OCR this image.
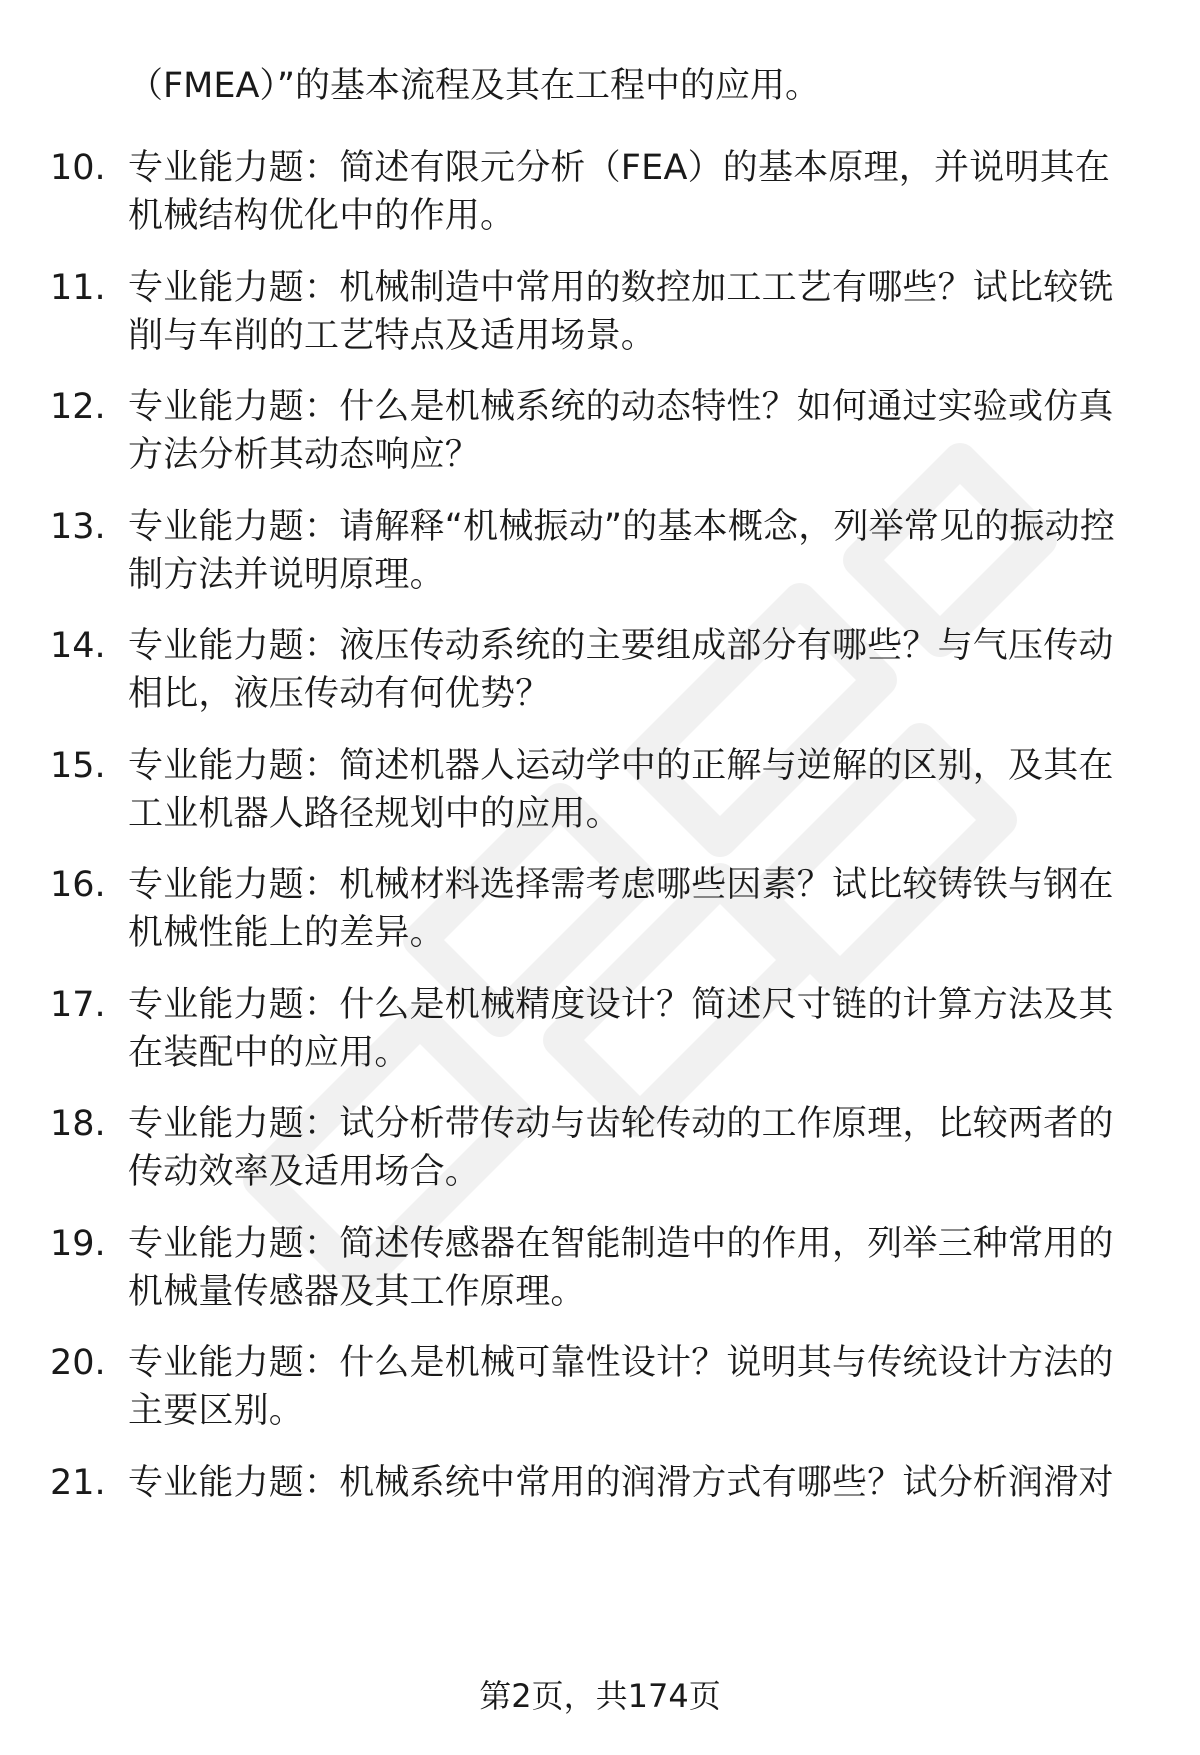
（FMEA）”的基本流程及其在工程中的应用。
10. 专业能力题：简述有限元分析（FEA）的基本原理，并说明其在机械结构优化中的作用。
11. 专业能力题：机械制造中常用的数控加工工艺有哪些？试比较铣削与车削的工艺特点及适用场景。
12. 专业能力题：什么是机械系统的动态特性？如何通过实验或仿真方法分析其动态响应？
13. 专业能力题：请解释“机械振动”的基本概念，列举常见的振动控制方法并说明原理。
14. 专业能力题：液压传动系统的主要组成部分有哪些？与气压传动相比，液压传动有何优势？
15. 专业能力题：简述机器人运动学中的正解与逆解的区别，及其在工业机器人路径规划中的应用。
16. 专业能力题：机械材料选择需考虑哪些因素？试比较铸铁与钢在机械性能上的差异。
17. 专业能力题：什么是机械精度设计？简述尺寸链的计算方法及其在装配中的应用。
18. 专业能力题：试分析带传动与齿轮传动的工作原理，比较两者的传动效率及适用场合。
19. 专业能力题：简述传感器在智能制造中的作用，列举三种常用的机械量传感器及其工作原理。
20. 专业能力题：什么是机械可靠性设计？说明其与传统设计方法的主要区别。
21. 专业能力题：机械系统中常用的润滑方式有哪些？试分析润滑对
第2页，共174页
